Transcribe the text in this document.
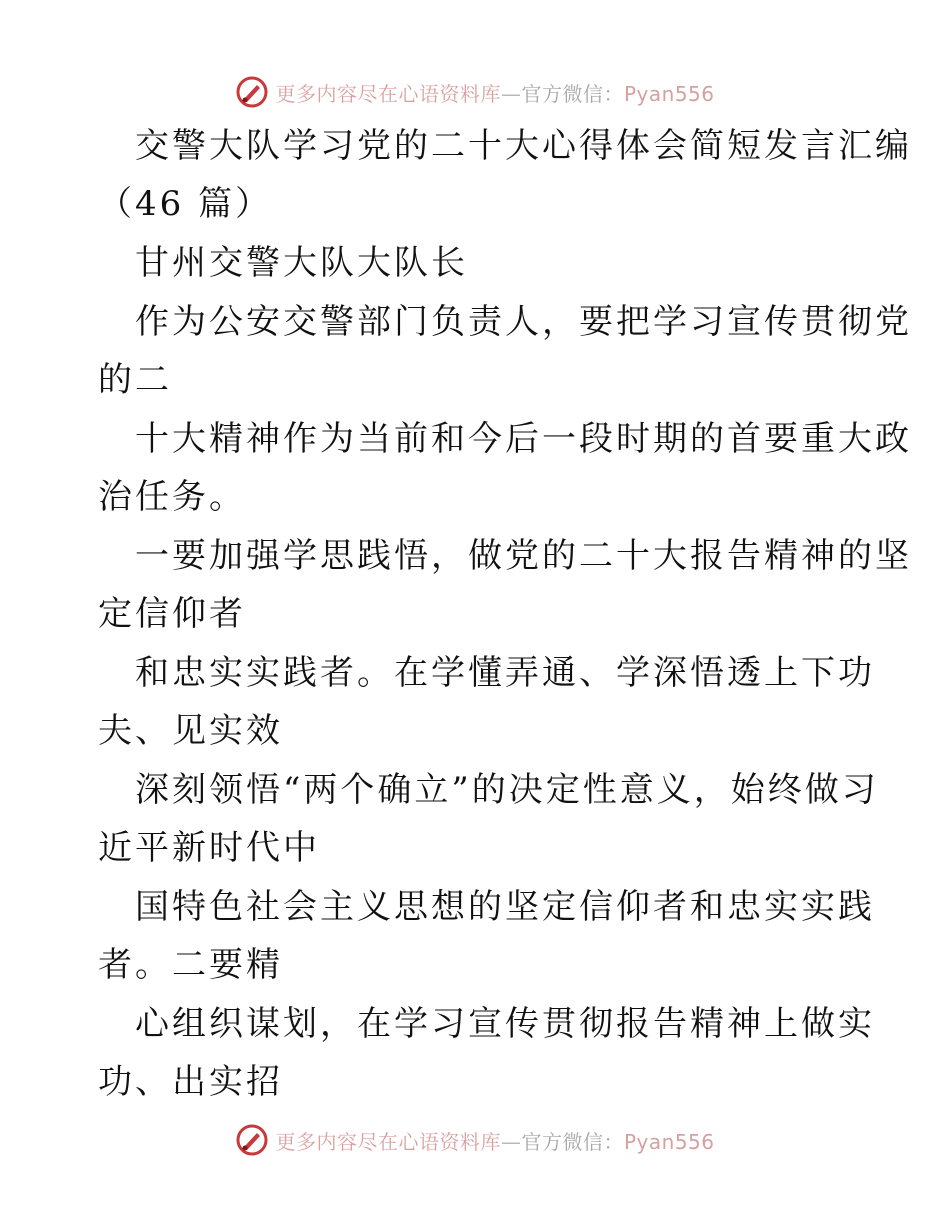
更多内容尽在心语资料库—官方微信：Pyan556
交警大队学习党的二十大心得体会简短发言汇编
（46 篇）
甘州交警大队大队长
作为公安交警部门负责人，要把学习宣传贯彻党
的二
十大精神作为当前和今后一段时期的首要重大政
治任务。
一要加强学思践悟，做党的二十大报告精神的坚
定信仰者
和忠实实践者。在学懂弄通、学深悟透上下功
夫、见实效
深刻领悟“两个确立”的决定性意义，始终做习
近平新时代中
国特色社会主义思想的坚定信仰者和忠实实践
者。二要精
心组织谋划，在学习宣传贯彻报告精神上做实
功、出实招
更多内容尽在心语资料库—官方微信：Pyan556
